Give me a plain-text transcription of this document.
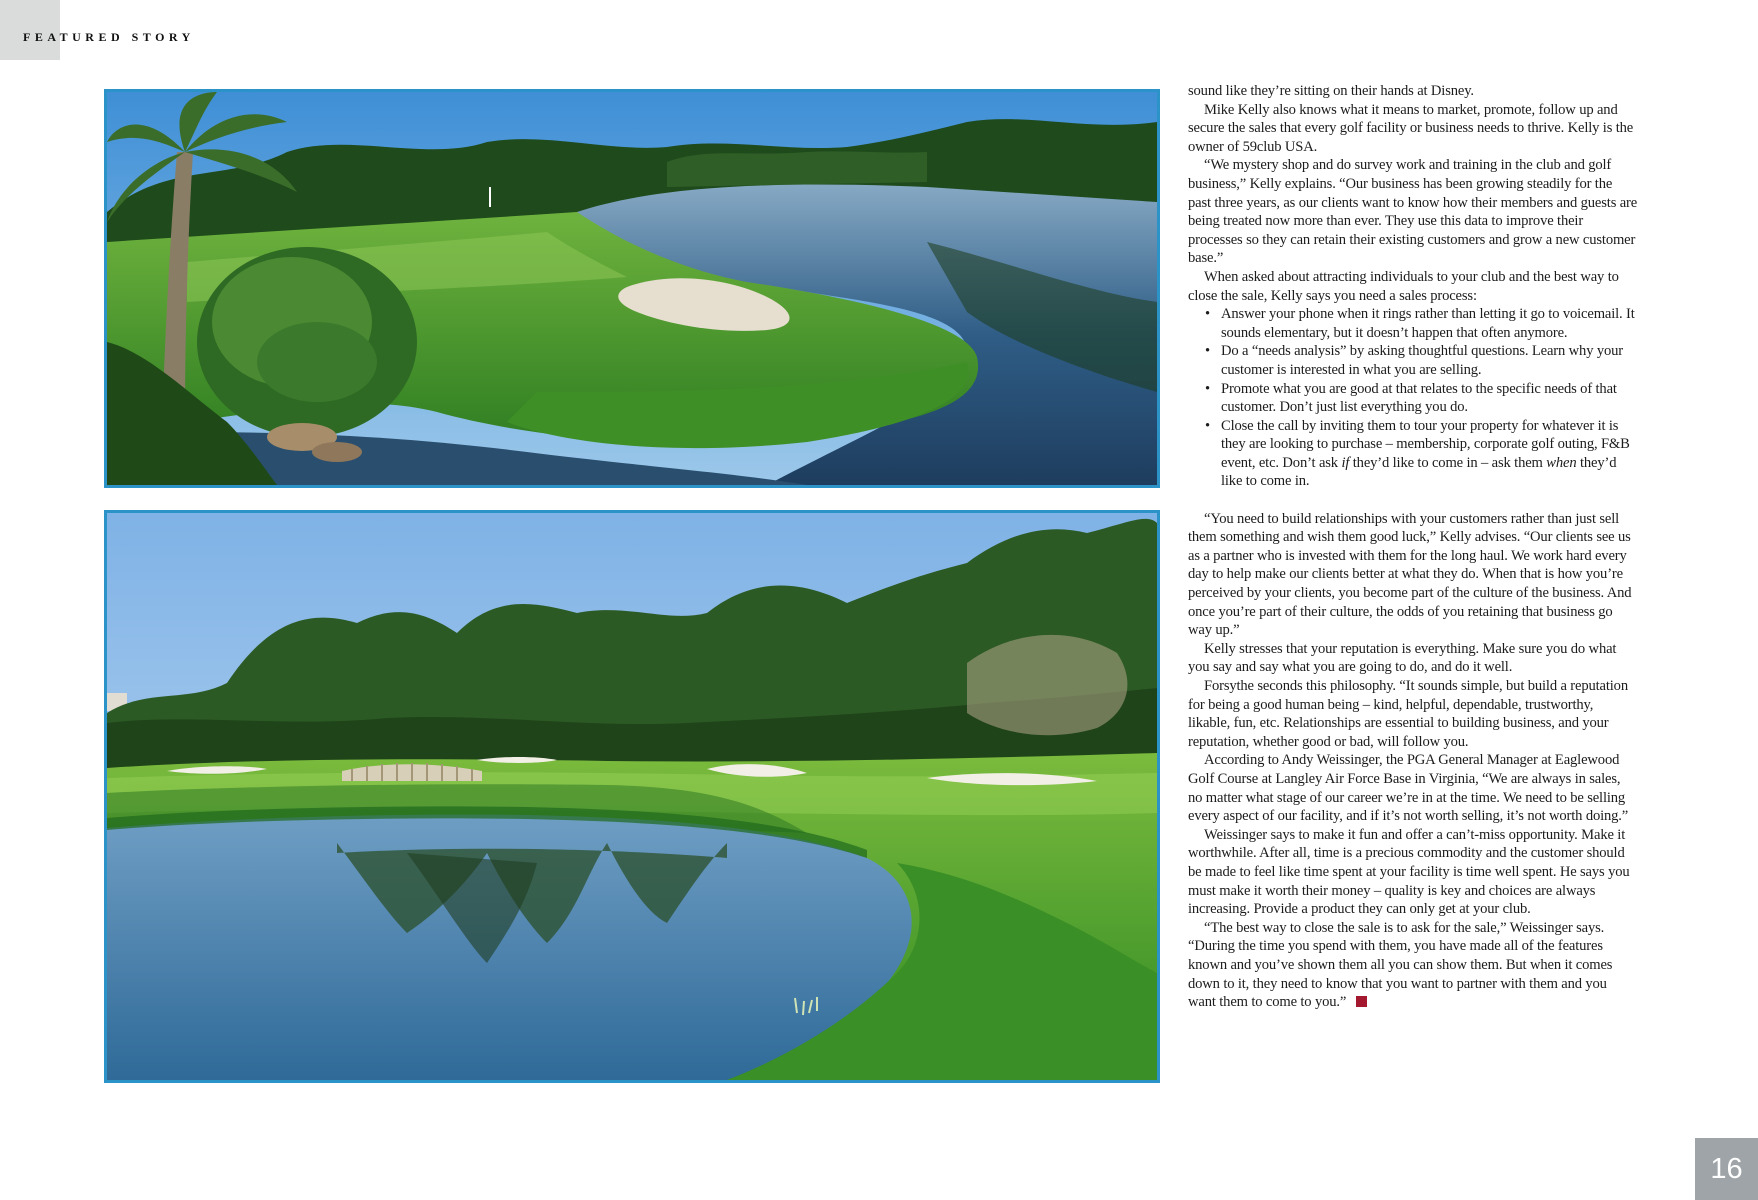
FEATURED STORY

sound like they’re sitting on their hands at Disney.

Mike Kelly also knows what it means to market, promote, follow up and secure the sales that every golf facility or business needs to thrive. Kelly is the owner of 59club USA.

“We mystery shop and do survey work and training in the club and golf business,” Kelly explains. “Our business has been growing steadily for the past three years, as our clients want to know how their members and guests are being treated now more than ever. They use this data to improve their processes so they can retain their existing customers and grow a new customer base.”

When asked about attracting individuals to your club and the best way to close the sale, Kelly says you need a sales process:

• Answer your phone when it rings rather than letting it go to voicemail. It sounds elementary, but it doesn’t happen that often anymore.
• Do a “needs analysis” by asking thoughtful questions. Learn why your customer is interested in what you are selling.
• Promote what you are good at that relates to the specific needs of that customer. Don’t just list everything you do.
• Close the call by inviting them to tour your property for whatever it is they are looking to purchase – membership, corporate golf outing, F&B event, etc. Don’t ask if they’d like to come in – ask them when they’d like to come in.

“You need to build relationships with your customers rather than just sell them something and wish them good luck,” Kelly advises. “Our clients see us as a partner who is invested with them for the long haul. We work hard every day to help make our clients better at what they do. When that is how you’re perceived by your clients, you become part of the culture of the business. And once you’re part of their culture, the odds of you retaining that business go way up.”

Kelly stresses that your reputation is everything. Make sure you do what you say and say what you are going to do, and do it well.

Forsythe seconds this philosophy. “It sounds simple, but build a reputation for being a good human being – kind, helpful, dependable, trustworthy, likable, fun, etc. Relationships are essential to building business, and your reputation, whether good or bad, will follow you.

According to Andy Weissinger, the PGA General Manager at Eaglewood Golf Course at Langley Air Force Base in Virginia, “We are always in sales, no matter what stage of our career we’re in at the time. We need to be selling every aspect of our facility, and if it’s not worth selling, it’s not worth doing.”

Weissinger says to make it fun and offer a can’t-miss opportunity. Make it worthwhile. After all, time is a precious commodity and the customer should be made to feel like time spent at your facility is time well spent. He says you must make it worth their money – quality is key and choices are always increasing. Provide a product they can only get at your club.

“The best way to close the sale is to ask for the sale,” Weissinger says. “During the time you spend with them, you have made all of the features known and you’ve shown them all you can show them. But when it comes down to it, they need to know that you want to partner with them and you want them to come to you.”

16
